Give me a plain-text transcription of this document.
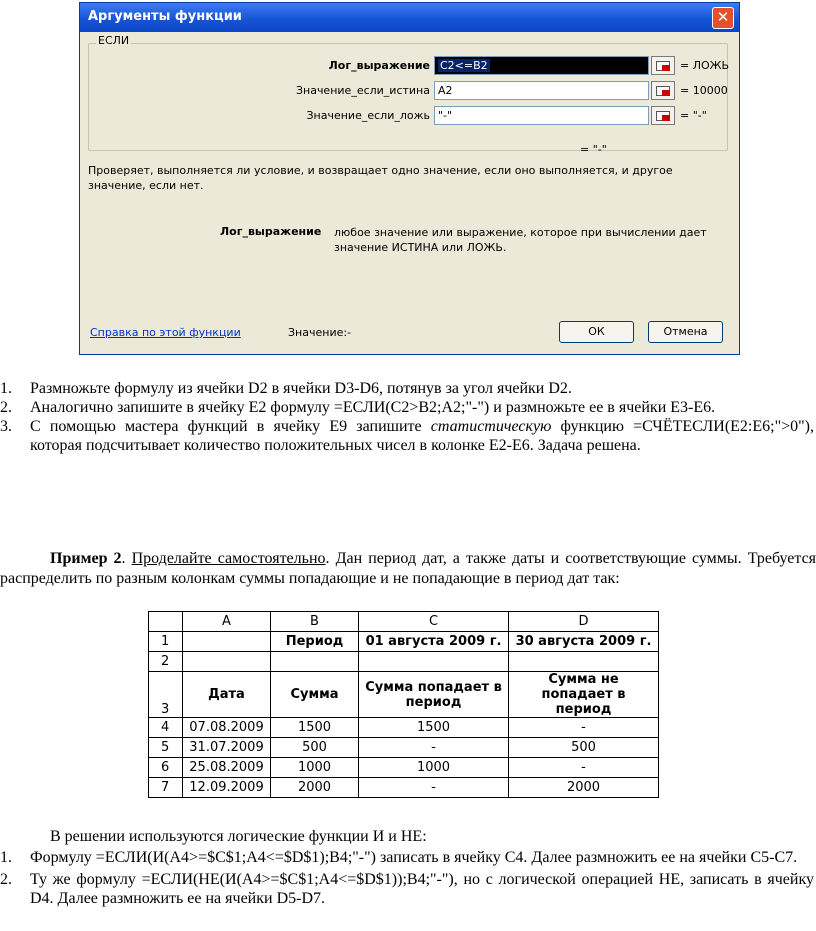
Аргументы функции	✕
ЕСЛИ
Лог_выражение C2<=B2	= ЛОЖЬ
Значение_если_истина A2	= 10000
Значение_если_ложь "-"	= "-"
= "-"
Проверяет, выполняется ли условие, и возвращает одно значение, если оно выполняется, и другое значение, если нет.
Лог_выражение любое значение или выражение, которое при вычислении дает значение ИСТИНА или ЛОЖЬ.
Справка по этой функции	Значение:-	ОК	Отмена
1. Размножьте формулу из ячейки D2 в ячейки D3-D6, потянув за угол ячейки D2.
2. Аналогично запишите в ячейку E2 формулу =ЕСЛИ(С2>В2;А2;"-") и размножьте ее в ячейки E3-E6.
3. С помощью мастера функций в ячейку E9 запишите статистическую функцию =СЧЁТЕСЛИ(E2:E6;">0"), которая подсчитывает количество положительных чисел в колонке E2-E6. Задача решена.
Пример 2. Проделайте самостоятельно. Дан период дат, а также даты и соответствующие суммы. Требуется распределить по разным колонкам суммы попадающие и не попадающие в период дат так:
	A	B	C	D
1		Период	01 августа 2009 г.	30 августа 2009 г.
2				
3	Дата	Сумма	Сумма попадает в период	Сумма не попадает в период
4	07.08.2009	1500	1500	-
5	31.07.2009	500	-	500
6	25.08.2009	1000	1000	-
7	12.09.2009	2000	-	2000
В решении используются логические функции И и НЕ:
1. Формулу =ЕСЛИ(И(A4>=$C$1;A4<=$D$1);B4;"-") записать в ячейку C4. Далее размножить ее на ячейки C5-C7.
2. Ту же формулу =ЕСЛИ(НЕ(И(A4>=$C$1;A4<=$D$1));B4;"-"), но с логической операцией НЕ, записать в ячейку D4. Далее размножить ее на ячейки D5-D7.
